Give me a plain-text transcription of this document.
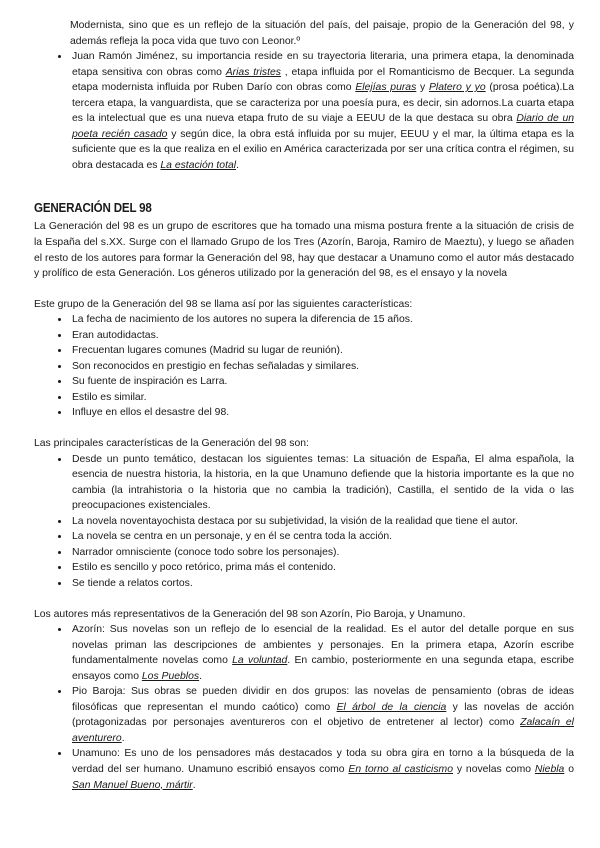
Modernista, sino que es un reflejo de la situación del país, del paisaje, propio de la Generación del 98, y además refleja la poca vida que tuvo con Leonor.º

• Juan Ramón Jiménez, su importancia reside en su trayectoria literaria, una primera etapa, la denominada etapa sensitiva con obras como Arias tristes , etapa influida por el Romanticismo de Becquer. La segunda etapa modernista influida por Ruben Darío con obras como Elejías puras y Platero y yo (prosa poética).La tercera etapa, la vanguardista, que se caracteriza por una poesía pura, es decir, sin adornos.La cuarta etapa es la intelectual que es una nueva etapa fruto de su viaje a EEUU de la que destaca su obra Diario de un poeta recién casado y según dice, la obra está influida por su mujer, EEUU y el mar, la última etapa es la suficiente que es la que realiza en el exilio en América caracterizada por ser una crítica contra el régimen, su obra destacada es La estación total.
GENERACIÓN DEL 98

La Generación del 98 es un grupo de escritores que ha tomado una misma postura frente a la situación de crisis de la España del s.XX. Surge con el llamado Grupo de los Tres (Azorín, Baroja, Ramiro de Maeztu), y luego se añaden el resto de los autores para formar la Generación del 98, hay que destacar a Unamuno como el autor más destacado y prolífico de esta Generación. Los géneros utilizado por la generación del 98, es el ensayo y la novela

Este grupo de la Generación del 98 se llama así por las siguientes características:

• La fecha de nacimiento de los autores no supera la diferencia de 15 años.
• Eran autodidactas.
• Frecuentan lugares comunes (Madrid su lugar de reunión).
• Son reconocidos en prestigio en fechas señaladas y similares.
• Su fuente de inspiración es Larra.
• Estilo es similar.
• Influye en ellos el desastre del 98.

Las principales características de la Generación del 98 son:

• Desde un punto temático, destacan los siguientes temas: La situación de España, El alma española, la esencia de nuestra historia, la historia, en la que Unamuno defiende que la historia importante es la que no cambia (la intrahistoria o la historia que no cambia la tradición), Castilla, el sentido de la vida o las preocupaciones existenciales.
• La novela noventayochista destaca por su subjetividad, la visión de la realidad que tiene el autor.
• La novela se centra en un personaje, y en él se centra toda la acción.
• Narrador omnisciente (conoce todo sobre los personajes).
• Estilo es sencillo y poco retórico, prima más el contenido.
• Se tiende a relatos cortos.

Los autores más representativos de la Generación del 98 son Azorín, Pio Baroja, y Unamuno.

• Azorín: Sus novelas son un reflejo de lo esencial de la realidad. Es el autor del detalle porque en sus novelas priman las descripciones de ambientes y personajes. En la primera etapa, Azorín escribe fundamentalmente novelas como La voluntad. En cambio, posteriormente en una segunda etapa, escribe ensayos como Los Pueblos.
• Pio Baroja: Sus obras se pueden dividir en dos grupos: las novelas de pensamiento (obras de ideas filosóficas que representan el mundo caótico) como El árbol de la ciencia y las novelas de acción (protagonizadas por personajes aventureros con el objetivo de entretener al lector) como Zalacaín el aventurero.
• Unamuno: Es uno de los pensadores más destacados y toda su obra gira en torno a la búsqueda de la verdad del ser humano. Unamuno escribió ensayos como En torno al casticismo y novelas como Niebla o San Manuel Bueno, mártir.
